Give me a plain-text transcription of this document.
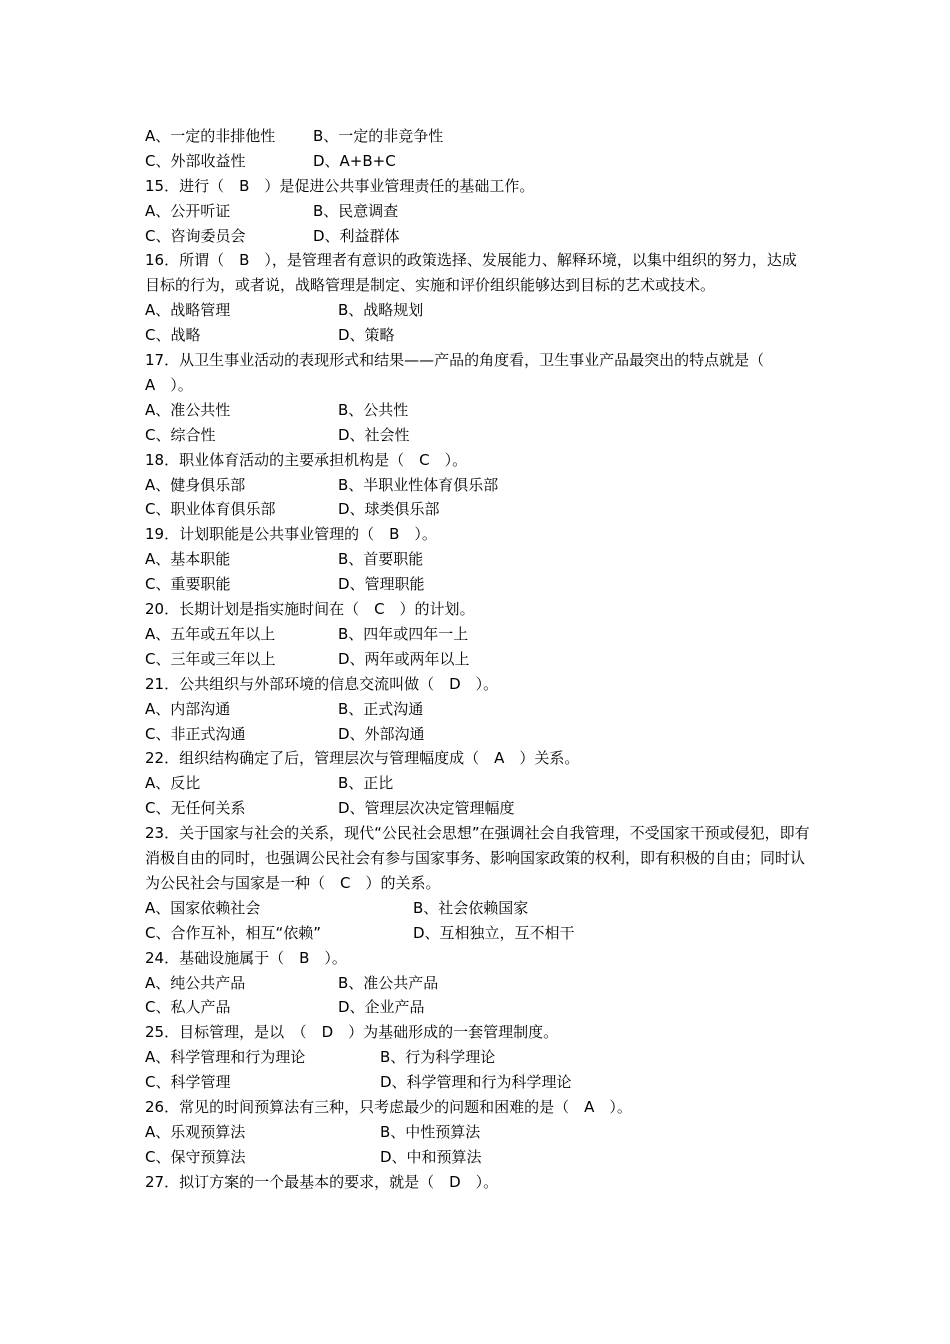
A、一定的非排他性	B、一定的非竞争性
C、外部收益性	D、A+B+C
15．进行（　B　）是促进公共事业管理责任的基础工作。
A、公开听证	B、民意调查
C、咨询委员会	D、利益群体
16．所谓（　B　），是管理者有意识的政策选择、发展能力、解释环境，以集中组织的努力，达成目标的行为，或者说，战略管理是制定、实施和评价组织能够达到目标的艺术或技术。
A、战略管理	B、战略规划
C、战略	D、策略
17．从卫生事业活动的表现形式和结果——产品的角度看，卫生事业产品最突出的特点就是（　A　）。
A、准公共性	B、公共性
C、综合性	D、社会性
18．职业体育活动的主要承担机构是（　C　）。
A、健身俱乐部	B、半职业性体育俱乐部
C、职业体育俱乐部	D、球类俱乐部
19．计划职能是公共事业管理的（　B　）。
A、基本职能	B、首要职能
C、重要职能	D、管理职能
20．长期计划是指实施时间在（　C　）的计划。
A、五年或五年以上	B、四年或四年一上
C、三年或三年以上	D、两年或两年以上
21．公共组织与外部环境的信息交流叫做（　D　）。
A、内部沟通	B、正式沟通
C、非正式沟通	D、外部沟通
22．组织结构确定了后，管理层次与管理幅度成（　A　）关系。
A、反比	B、正比
C、无任何关系	D、管理层次决定管理幅度
23．关于国家与社会的关系，现代“公民社会思想”在强调社会自我管理，不受国家干预或侵犯，即有消极自由的同时，也强调公民社会有参与国家事务、影响国家政策的权利，即有积极的自由；同时认为公民社会与国家是一种（　C　）的关系。
A、国家依赖社会	B、社会依赖国家
C、合作互补，相互“依赖”	D、互相独立，互不相干
24．基础设施属于（　B　）。
A、纯公共产品	B、准公共产品
C、私人产品	D、企业产品
25．目标管理，是以　（　D　）为基础形成的一套管理制度。
A、科学管理和行为理论	B、行为科学理论
C、科学管理	D、科学管理和行为科学理论
26．常见的时间预算法有三种，只考虑最少的问题和困难的是（　A　）。
A、乐观预算法	B、中性预算法
C、保守预算法	D、中和预算法
27．拟订方案的一个最基本的要求，就是（　D　）。
